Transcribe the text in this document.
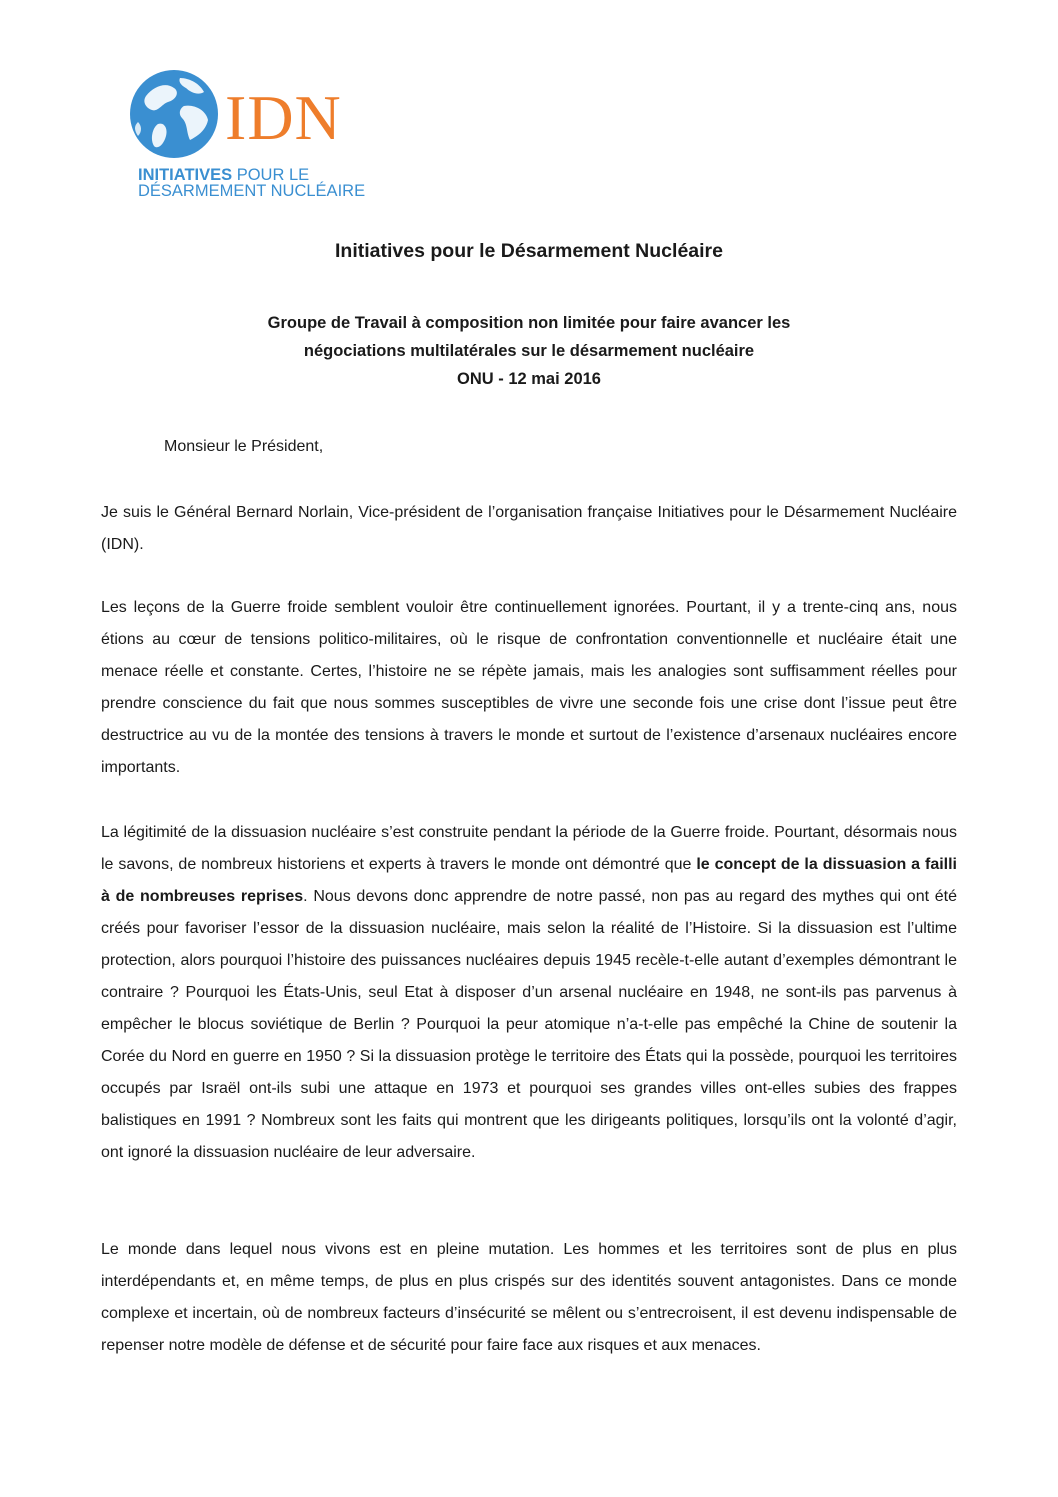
IDN
INITIATIVES POUR LE
DÉSARMEMENT NUCLÉAIRE
Initiatives pour le Désarmement Nucléaire
Groupe de Travail à composition non limitée pour faire avancer les
négociations multilatérales sur le désarmement nucléaire
ONU - 12 mai 2016
Monsieur le Président,

Je suis le Général Bernard Norlain, Vice-président de l’organisation française Initiatives pour le Désarmement Nucléaire (IDN).

Les leçons de la Guerre froide semblent vouloir être continuellement ignorées. Pourtant, il y a trente-cinq ans, nous étions au cœur de tensions politico-militaires, où le risque de confrontation conventionnelle et nucléaire était une menace réelle et constante. Certes, l’histoire ne se répète jamais, mais les analogies sont suffisamment réelles pour prendre conscience du fait que nous sommes susceptibles de vivre une seconde fois une crise dont l’issue peut être destructrice au vu de la montée des tensions à travers le monde et surtout de l’existence d’arsenaux nucléaires encore importants.

La légitimité de la dissuasion nucléaire s’est construite pendant la période de la Guerre froide. Pourtant, désormais nous le savons, de nombreux historiens et experts à travers le monde ont démontré que le concept de la dissuasion a failli à de nombreuses reprises. Nous devons donc apprendre de notre passé, non pas au regard des mythes qui ont été créés pour favoriser l’essor de la dissuasion nucléaire, mais selon la réalité de l’Histoire. Si la dissuasion est l’ultime protection, alors pourquoi l’histoire des puissances nucléaires depuis 1945 recèle-t-elle autant d’exemples démontrant le contraire ? Pourquoi les États-Unis, seul Etat à disposer d’un arsenal nucléaire en 1948, ne sont-ils pas parvenus à empêcher le blocus soviétique de Berlin ? Pourquoi la peur atomique n’a-t-elle pas empêché la Chine de soutenir la Corée du Nord en guerre en 1950 ? Si la dissuasion protège le territoire des États qui la possède, pourquoi les territoires occupés par Israël ont-ils subi une attaque en 1973 et pourquoi ses grandes villes ont-elles subies des frappes balistiques en 1991 ? Nombreux sont les faits qui montrent que les dirigeants politiques, lorsqu’ils ont la volonté d’agir, ont ignoré la dissuasion nucléaire de leur adversaire.

Le monde dans lequel nous vivons est en pleine mutation. Les hommes et les territoires sont de plus en plus interdépendants et, en même temps, de plus en plus crispés sur des identités souvent antagonistes. Dans ce monde complexe et incertain, où de nombreux facteurs d’insécurité se mêlent ou s’entrecroisent, il est devenu indispensable de repenser notre modèle de défense et de sécurité pour faire face aux risques et aux menaces.
